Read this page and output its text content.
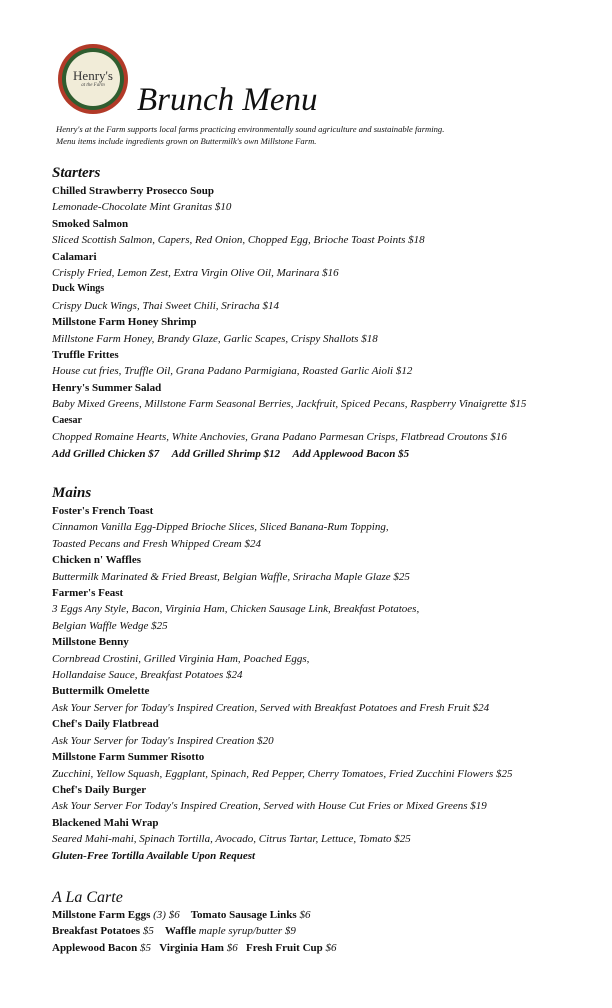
Henry's
at the Farm Brunch Menu
Henry's at the Farm supports local farms practicing environmentally sound agriculture and sustainable farming.
Menu items include ingredients grown on Buttermilk's own Millstone Farm.
Starters
Chilled Strawberry Prosecco Soup
Lemonade-Chocolate Mint Granitas $10
Smoked Salmon
Sliced Scottish Salmon, Capers, Red Onion, Chopped Egg, Brioche Toast Points $18
Calamari
Crisply Fried, Lemon Zest, Extra Virgin Olive Oil, Marinara $16
Duck Wings
Crispy Duck Wings, Thai Sweet Chili, Sriracha $14
Millstone Farm Honey Shrimp
Millstone Farm Honey, Brandy Glaze, Garlic Scapes, Crispy Shallots $18
Truffle Frittes
House cut fries, Truffle Oil, Grana Padano Parmigiana, Roasted Garlic Aioli $12
Henry's Summer Salad
Baby Mixed Greens, Millstone Farm Seasonal Berries, Jackfruit, Spiced Pecans, Raspberry Vinaigrette $15
Caesar
Chopped Romaine Hearts, White Anchovies, Grana Padano Parmesan Crisps, Flatbread Croutons $16
Add Grilled Chicken $7 Add Grilled Shrimp $12 Add Applewood Bacon $5
Mains
Foster's French Toast
Cinnamon Vanilla Egg-Dipped Brioche Slices, Sliced Banana-Rum Topping,
Toasted Pecans and Fresh Whipped Cream $24
Chicken n' Waffles
Buttermilk Marinated & Fried Breast, Belgian Waffle, Sriracha Maple Glaze $25
Farmer's Feast
3 Eggs Any Style, Bacon, Virginia Ham, Chicken Sausage Link, Breakfast Potatoes,
Belgian Waffle Wedge $25
Millstone Benny
Cornbread Crostini, Grilled Virginia Ham, Poached Eggs,
Hollandaise Sauce, Breakfast Potatoes $24
Buttermilk Omelette
Ask Your Server for Today's Inspired Creation, Served with Breakfast Potatoes and Fresh Fruit $24
Chef's Daily Flatbread
Ask Your Server for Today's Inspired Creation $20
Millstone Farm Summer Risotto
Zucchini, Yellow Squash, Eggplant, Spinach, Red Pepper, Cherry Tomatoes, Fried Zucchini Flowers $25
Chef's Daily Burger
Ask Your Server For Today's Inspired Creation, Served with House Cut Fries or Mixed Greens $19
Blackened Mahi Wrap
Seared Mahi-mahi, Spinach Tortilla, Avocado, Citrus Tartar, Lettuce, Tomato $25
Gluten-Free Tortilla Available Upon Request
A La Carte
Millstone Farm Eggs (3) $6 Tomato Sausage Links $6
Breakfast Potatoes $5 Waffle maple syrup/butter $9
Applewood Bacon $5 Virginia Ham $6 Fresh Fruit Cup $6
